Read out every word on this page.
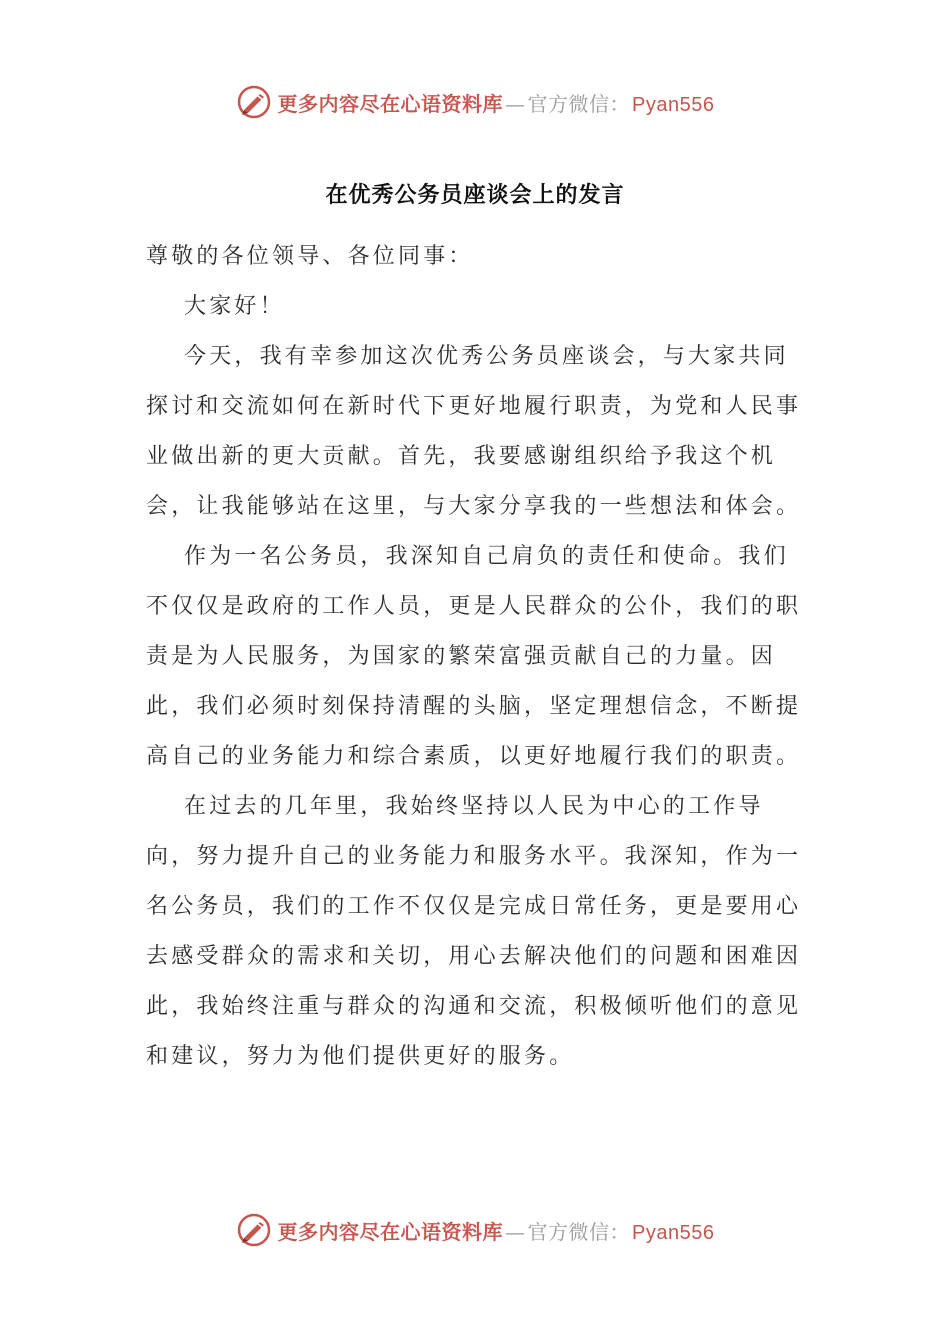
更多内容尽在心语资料库 — 官方微信： Pyan556
在优秀公务员座谈会上的发言

尊敬的各位领导、各位同事：

大家好！

今天，我有幸参加这次优秀公务员座谈会，与大家共同探讨和交流如何在新时代下更好地履行职责，为党和人民事业做出新的更大贡献。首先，我要感谢组织给予我这个机会，让我能够站在这里，与大家分享我的一些想法和体会。

作为一名公务员，我深知自己肩负的责任和使命。我们不仅仅是政府的工作人员，更是人民群众的公仆，我们的职责是为人民服务，为国家的繁荣富强贡献自己的力量。因此，我们必须时刻保持清醒的头脑，坚定理想信念，不断提高自己的业务能力和综合素质，以更好地履行我们的职责。

在过去的几年里，我始终坚持以人民为中心的工作导向，努力提升自己的业务能力和服务水平。我深知，作为一名公务员，我们的工作不仅仅是完成日常任务，更是要用心去感受群众的需求和关切，用心去解决他们的问题和困难因此，我始终注重与群众的沟通和交流，积极倾听他们的意见和建议，努力为他们提供更好的服务。

更多内容尽在心语资料库 — 官方微信： Pyan556
